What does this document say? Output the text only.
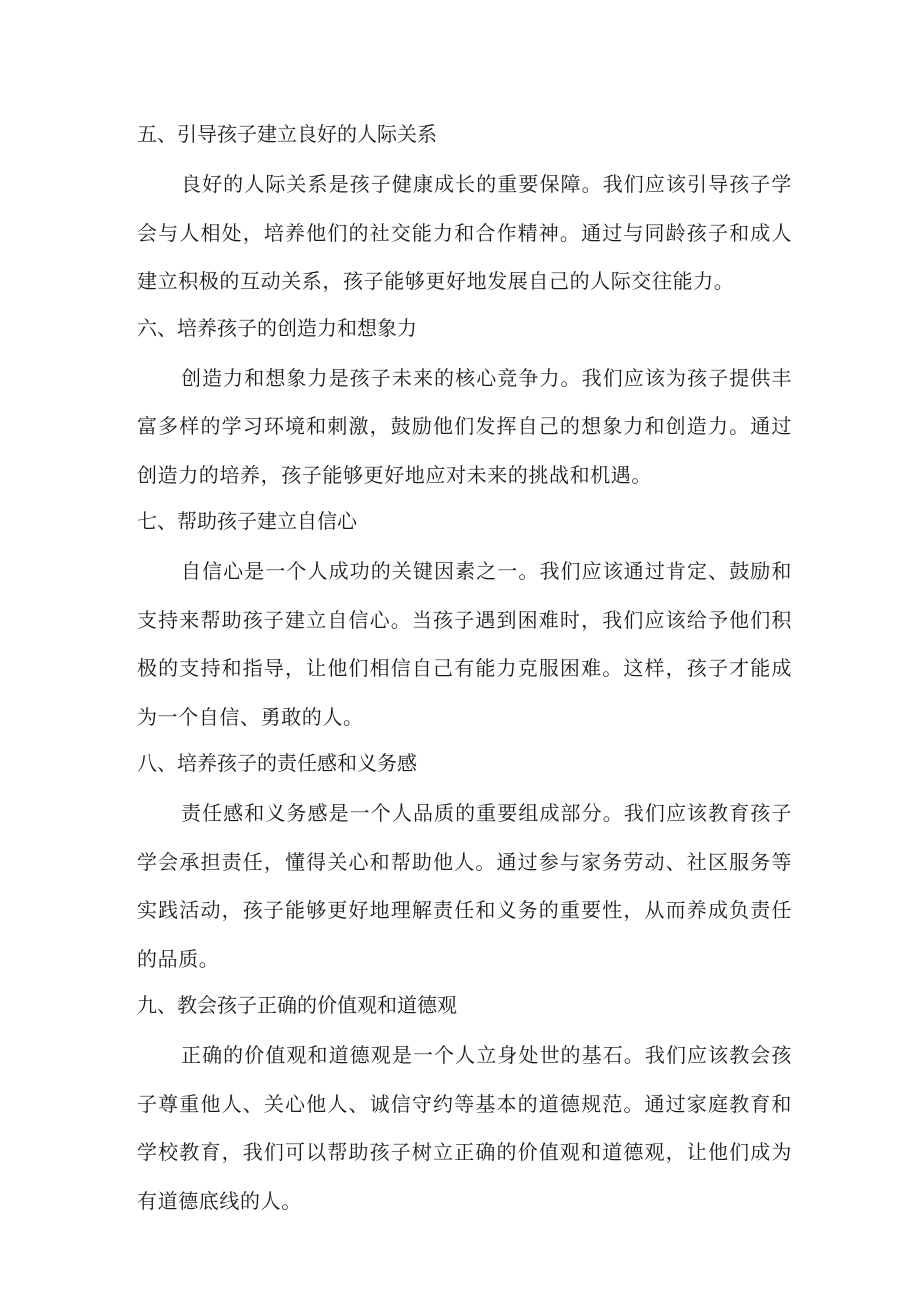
五、引导孩子建立良好的人际关系

良好的人际关系是孩子健康成长的重要保障。我们应该引导孩子学会与人相处，培养他们的社交能力和合作精神。通过与同龄孩子和成人建立积极的互动关系，孩子能够更好地发展自己的人际交往能力。

六、培养孩子的创造力和想象力

创造力和想象力是孩子未来的核心竞争力。我们应该为孩子提供丰富多样的学习环境和刺激，鼓励他们发挥自己的想象力和创造力。通过创造力的培养，孩子能够更好地应对未来的挑战和机遇。

七、帮助孩子建立自信心

自信心是一个人成功的关键因素之一。我们应该通过肯定、鼓励和支持来帮助孩子建立自信心。当孩子遇到困难时，我们应该给予他们积极的支持和指导，让他们相信自己有能力克服困难。这样，孩子才能成为一个自信、勇敢的人。

八、培养孩子的责任感和义务感

责任感和义务感是一个人品质的重要组成部分。我们应该教育孩子学会承担责任，懂得关心和帮助他人。通过参与家务劳动、社区服务等实践活动，孩子能够更好地理解责任和义务的重要性，从而养成负责任的品质。

九、教会孩子正确的价值观和道德观

正确的价值观和道德观是一个人立身处世的基石。我们应该教会孩子尊重他人、关心他人、诚信守约等基本的道德规范。通过家庭教育和学校教育，我们可以帮助孩子树立正确的价值观和道德观，让他们成为有道德底线的人。
